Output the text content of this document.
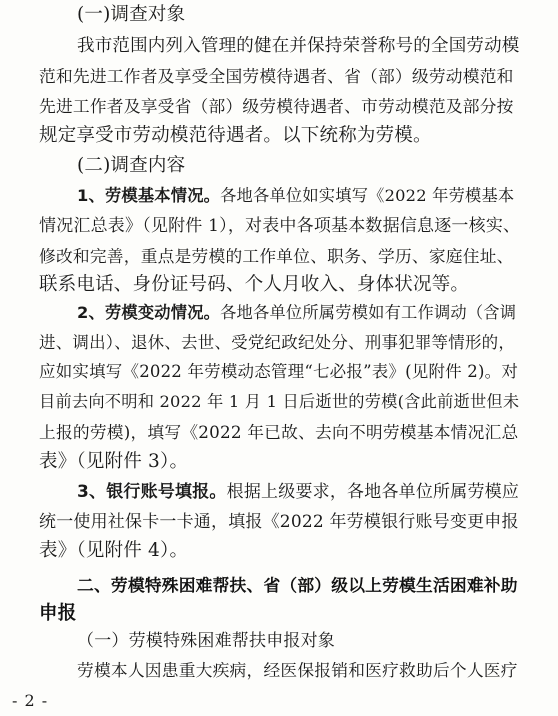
(一)调查对象
我市范围内列入管理的健在并保持荣誉称号的全国劳动模
范和先进工作者及享受全国劳模待遇者、省（部）级劳动模范和
先进工作者及享受省（部）级劳模待遇者、市劳动模范及部分按
规定享受市劳动模范待遇者。以下统称为劳模。
(二)调查内容
1、劳模基本情况。各地各单位如实填写《2022 年劳模基本
情况汇总表》（见附件 1），对表中各项基本数据信息逐一核实、
修改和完善，重点是劳模的工作单位、职务、学历、家庭住址、
联系电话、身份证号码、个人月收入、身体状况等。
2、劳模变动情况。各地各单位所属劳模如有工作调动（含调
进、调出）、退休、去世、受党纪政纪处分、刑事犯罪等情形的，
应如实填写《2022 年劳模动态管理“七必报”表》(见附件 2)。对
目前去向不明和 2022 年 1 月 1 日后逝世的劳模(含此前逝世但未
上报的劳模)，填写《2022 年已故、去向不明劳模基本情况汇总
表》（见附件 3）。
3、银行账号填报。根据上级要求，各地各单位所属劳模应
统一使用社保卡一卡通，填报《2022 年劳模银行账号变更申报
表》（见附件 4）。
二、劳模特殊困难帮扶、省（部）级以上劳模生活困难补助
申报
（一）劳模特殊困难帮扶申报对象
劳模本人因患重大疾病，经医保报销和医疗救助后个人医疗
- 2 -
